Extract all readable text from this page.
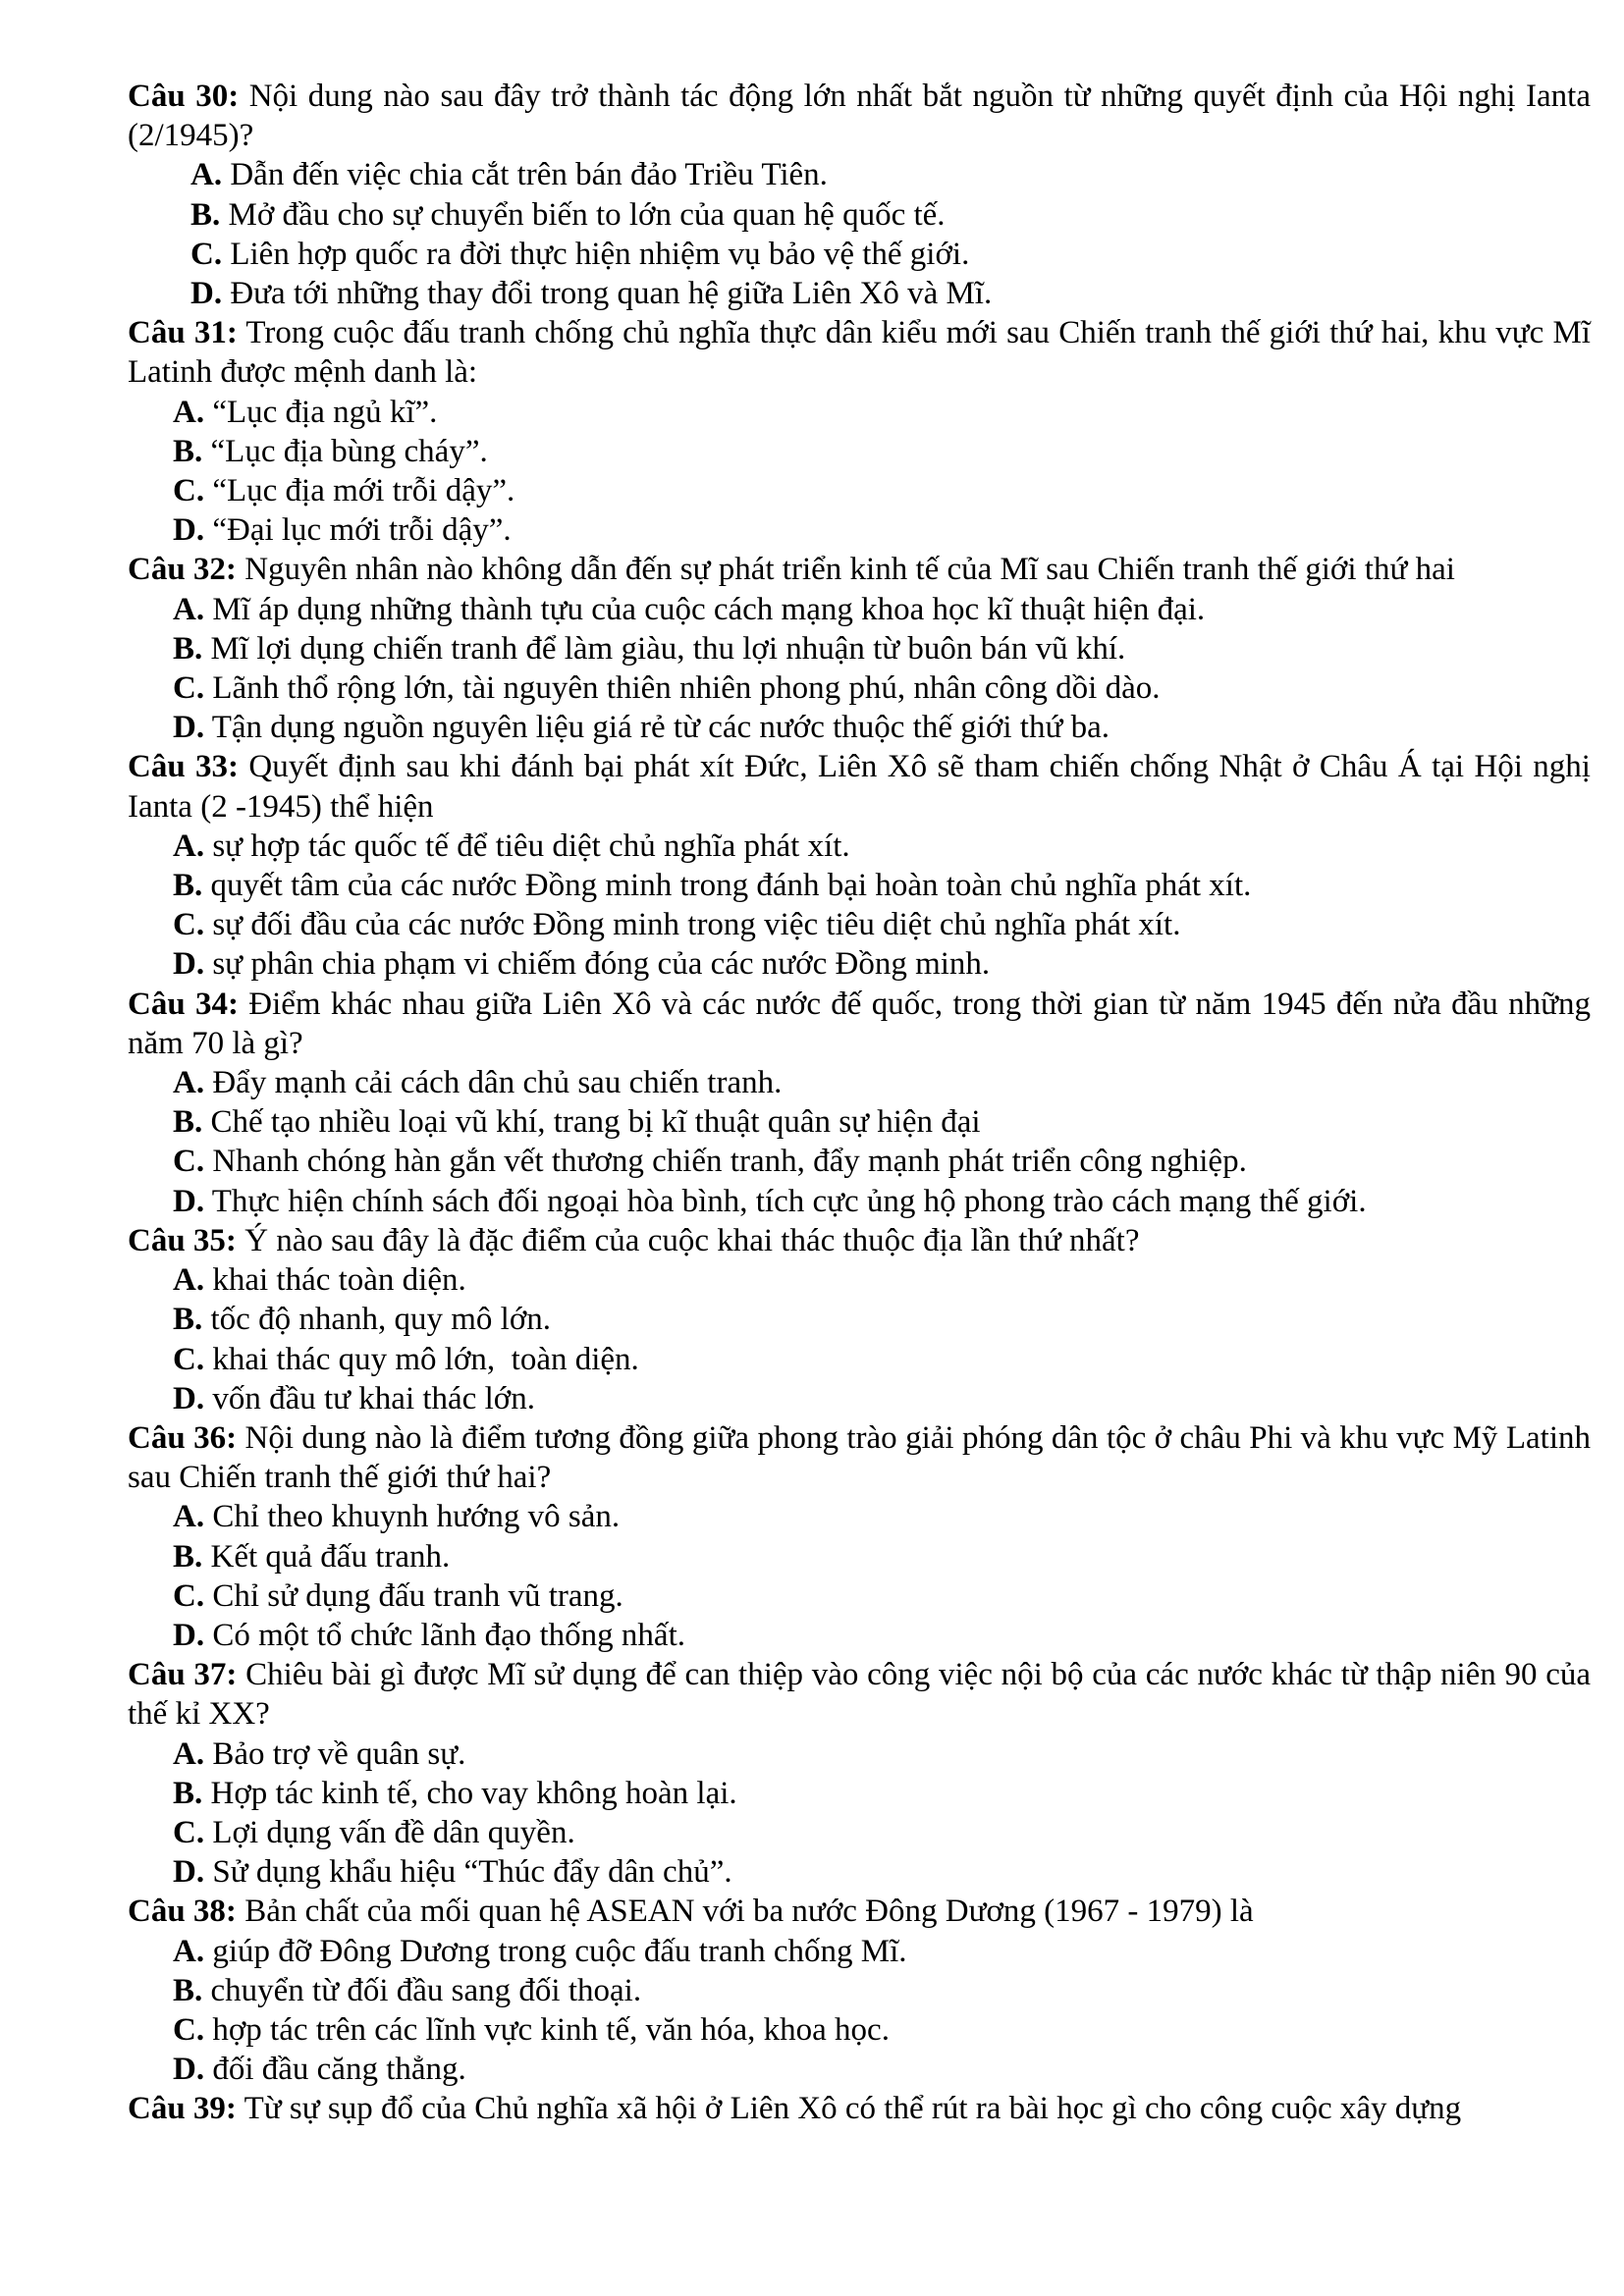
Câu 30: Nội dung nào sau đây trở thành tác động lớn nhất bắt nguồn từ những quyết định của Hội nghị Ianta (2/1945)?
A. Dẫn đến việc chia cắt trên bán đảo Triều Tiên.
B. Mở đầu cho sự chuyển biến to lớn của quan hệ quốc tế.
C. Liên hợp quốc ra đời thực hiện nhiệm vụ bảo vệ thế giới.
D. Đưa tới những thay đổi trong quan hệ giữa Liên Xô và Mĩ.
Câu 31: Trong cuộc đấu tranh chống chủ nghĩa thực dân kiểu mới sau Chiến tranh thế giới thứ hai, khu vực Mĩ Latinh được mệnh danh là:
A. “Lục địa ngủ kĩ”.
B. “Lục địa bùng cháy”.
C. “Lục địa mới trỗi dậy”.
D. “Đại lục mới trỗi dậy”.
Câu 32: Nguyên nhân nào không dẫn đến sự phát triển kinh tế của Mĩ sau Chiến tranh thế giới thứ hai
A. Mĩ áp dụng những thành tựu của cuộc cách mạng khoa học kĩ thuật hiện đại.
B. Mĩ lợi dụng chiến tranh để làm giàu, thu lợi nhuận từ buôn bán vũ khí.
C. Lãnh thổ rộng lớn, tài nguyên thiên nhiên phong phú, nhân công dồi dào.
D. Tận dụng nguồn nguyên liệu giá rẻ từ các nước thuộc thế giới thứ ba.
Câu 33: Quyết định sau khi đánh bại phát xít Đức, Liên Xô sẽ tham chiến chống Nhật ở Châu Á tại Hội nghị Ianta (2 -1945) thể hiện
A. sự hợp tác quốc tế để tiêu diệt chủ nghĩa phát xít.
B. quyết tâm của các nước Đồng minh trong đánh bại hoàn toàn chủ nghĩa phát xít.
C. sự đối đầu của các nước Đồng minh trong việc tiêu diệt chủ nghĩa phát xít.
D. sự phân chia phạm vi chiếm đóng của các nước Đồng minh.
Câu 34: Điểm khác nhau giữa Liên Xô và các nước đế quốc, trong thời gian từ năm 1945 đến nửa đầu những năm 70 là gì?
A. Đẩy mạnh cải cách dân chủ sau chiến tranh.
B. Chế tạo nhiều loại vũ khí, trang bị kĩ thuật quân sự hiện đại
C. Nhanh chóng hàn gắn vết thương chiến tranh, đẩy mạnh phát triển công nghiệp.
D. Thực hiện chính sách đối ngoại hòa bình, tích cực ủng hộ phong trào cách mạng thế giới.
Câu 35: Ý nào sau đây là đặc điểm của cuộc khai thác thuộc địa lần thứ nhất?
A. khai thác toàn diện.
B. tốc độ nhanh, quy mô lớn.
C. khai thác quy mô lớn,  toàn diện.
D. vốn đầu tư khai thác lớn.
Câu 36: Nội dung nào là điểm tương đồng giữa phong trào giải phóng dân tộc ở châu Phi và khu vực Mỹ Latinh sau Chiến tranh thế giới thứ hai?
A. Chỉ theo khuynh hướng vô sản.
B. Kết quả đấu tranh.
C. Chỉ sử dụng đấu tranh vũ trang.
D. Có một tổ chức lãnh đạo thống nhất.
Câu 37: Chiêu bài gì được Mĩ sử dụng để can thiệp vào công việc nội bộ của các nước khác từ thập niên 90 của thế kỉ XX?
A. Bảo trợ về quân sự.
B. Hợp tác kinh tế, cho vay không hoàn lại.
C. Lợi dụng vấn đề dân quyền.
D. Sử dụng khẩu hiệu “Thúc đẩy dân chủ”.
Câu 38: Bản chất của mối quan hệ ASEAN với ba nước Đông Dương (1967 - 1979) là
A. giúp đỡ Đông Dương trong cuộc đấu tranh chống Mĩ.
B. chuyển từ đối đầu sang đối thoại.
C. hợp tác trên các lĩnh vực kinh tế, văn hóa, khoa học.
D. đối đầu căng thẳng.
Câu 39: Từ sự sụp đổ của Chủ nghĩa xã hội ở Liên Xô có thể rút ra bài học gì cho công cuộc xây dựng
